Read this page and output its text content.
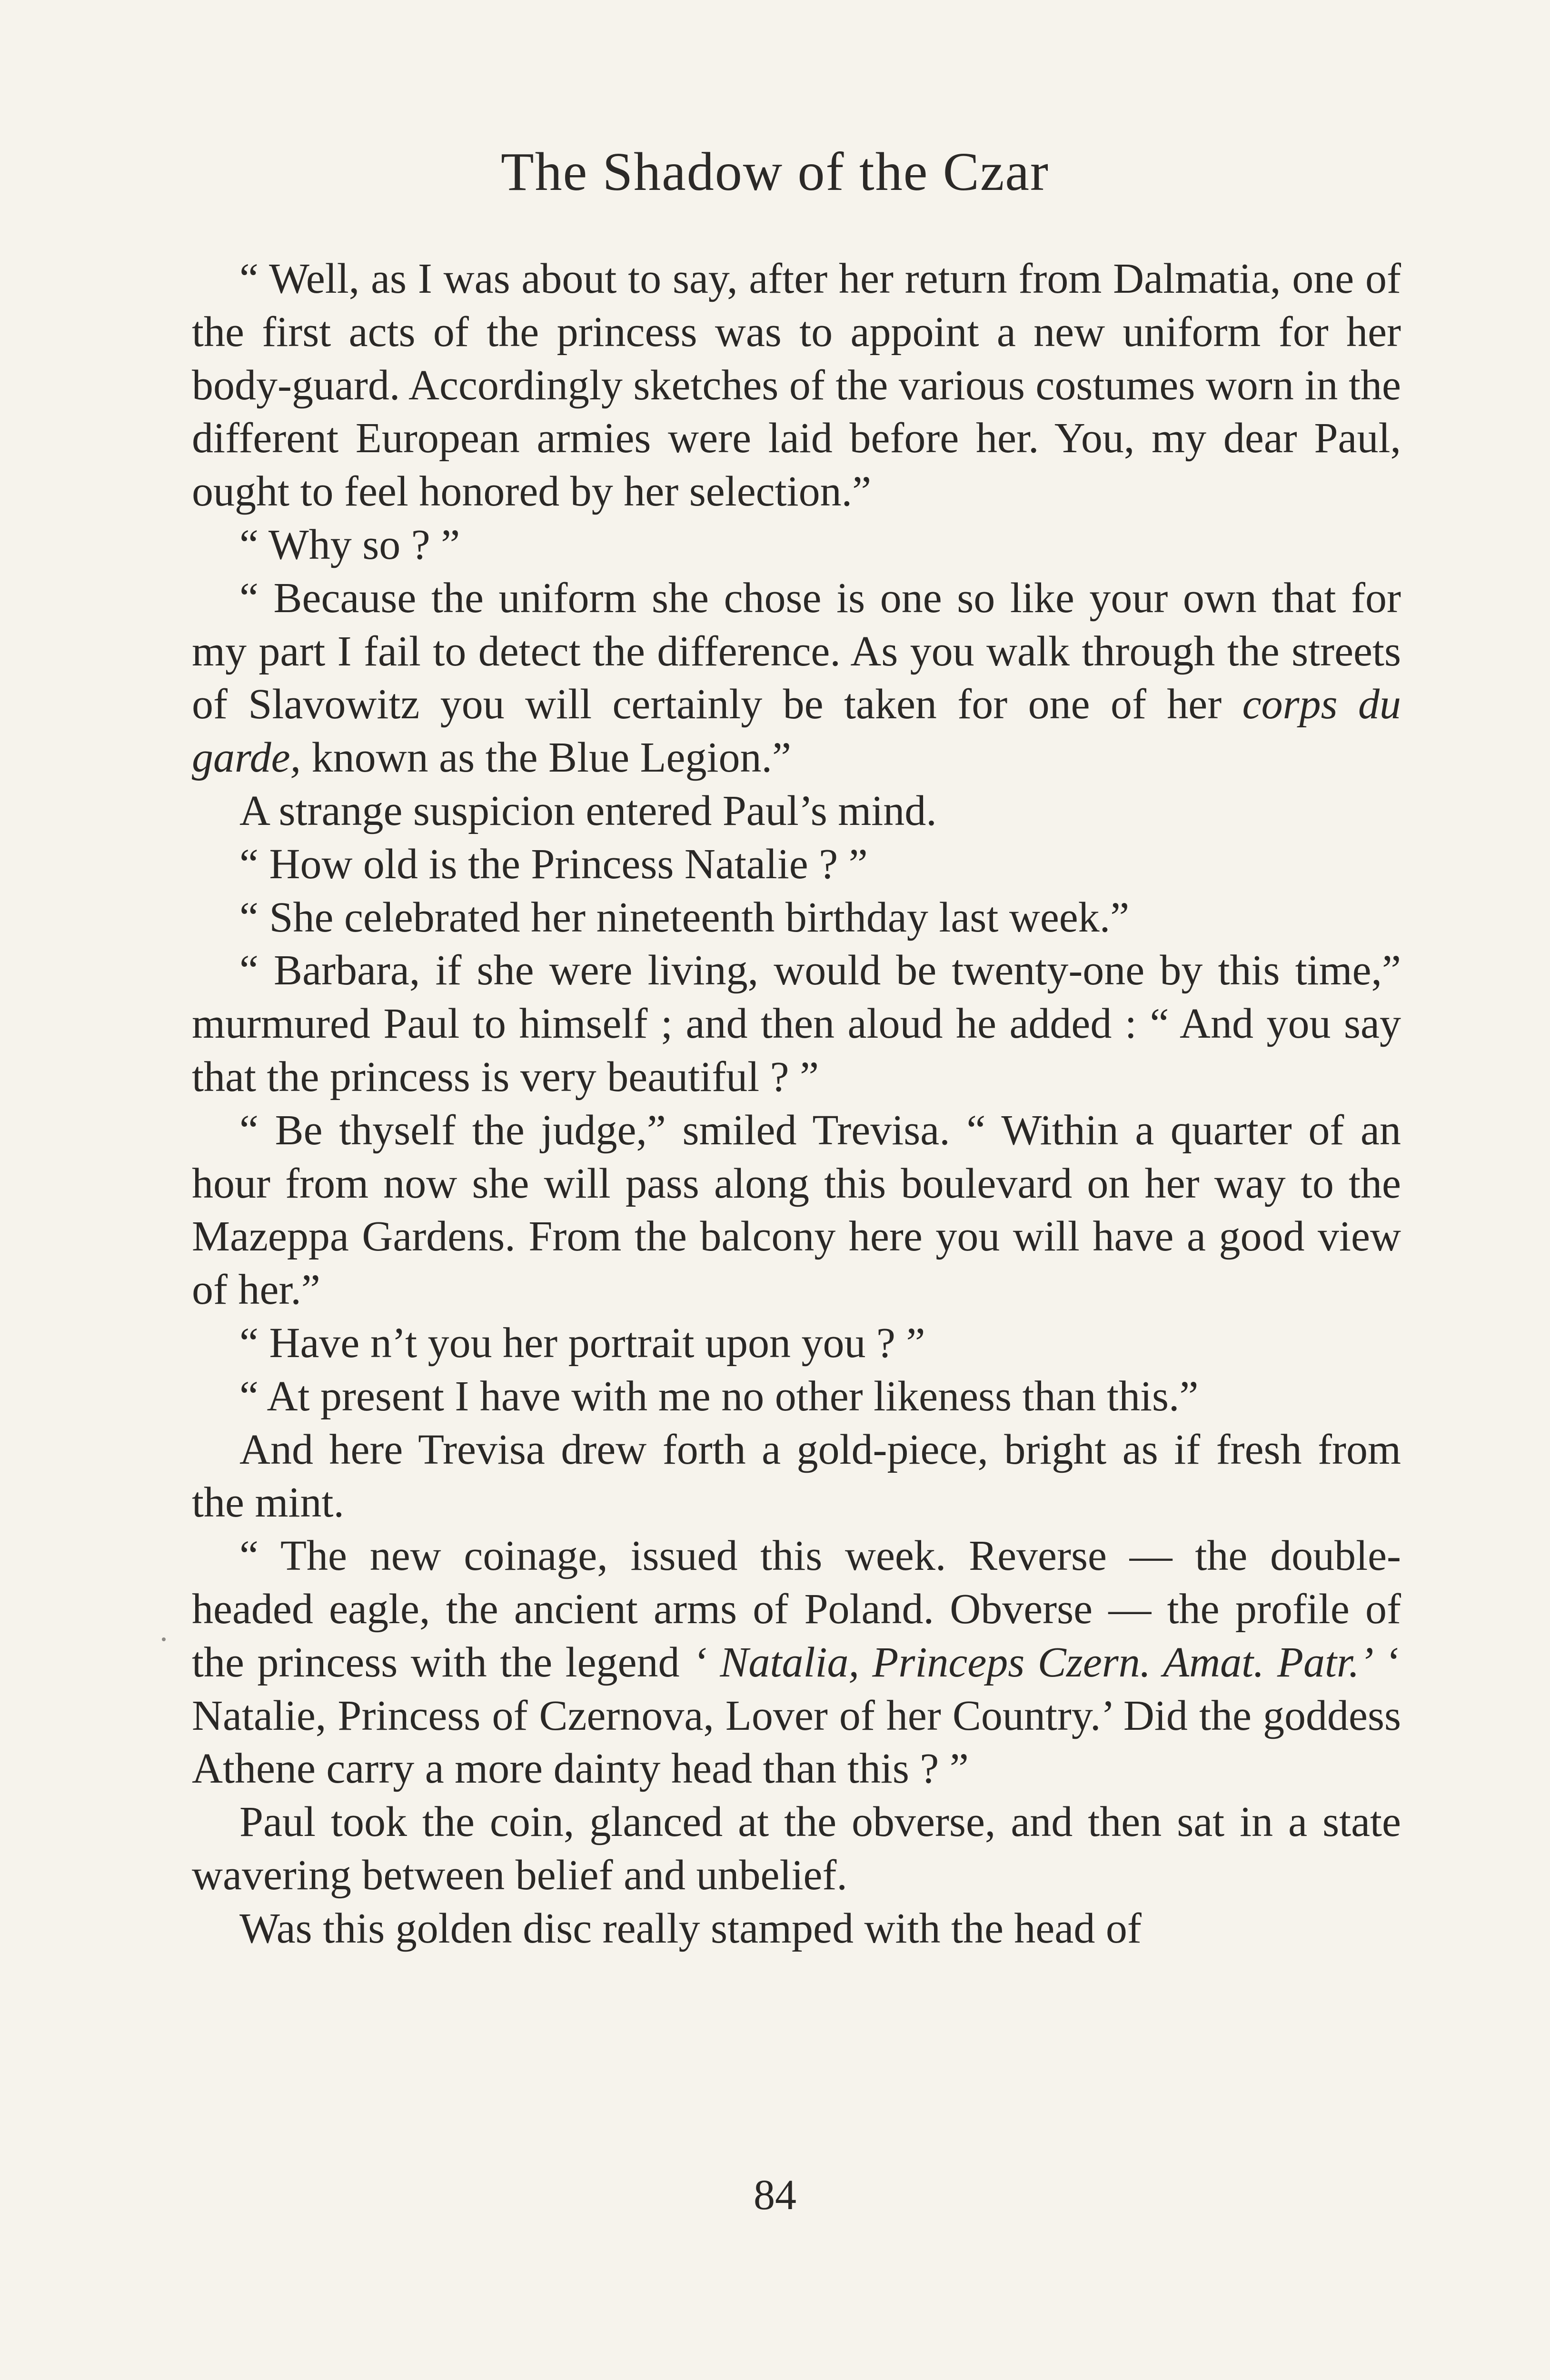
The Shadow of the Czar

“ Well, as I was about to say, after her return from Dalmatia, one of the first acts of the princess was to appoint a new uniform for her body-guard. Accordingly sketches of the various costumes worn in the different European armies were laid before her. You, my dear Paul, ought to feel honored by her selection.”

“ Why so ? ”

“ Because the uniform she chose is one so like your own that for my part I fail to detect the difference. As you walk through the streets of Slavowitz you will certainly be taken for one of her corps du garde, known as the Blue Legion.”

A strange suspicion entered Paul’s mind.

“ How old is the Princess Natalie ? ”

“ She celebrated her nineteenth birthday last week.”

“ Barbara, if she were living, would be twenty-one by this time,” murmured Paul to himself ; and then aloud he added : “ And you say that the princess is very beautiful ? ”

“ Be thyself the judge,” smiled Trevisa. “ Within a quarter of an hour from now she will pass along this boulevard on her way to the Mazeppa Gardens. From the balcony here you will have a good view of her.”

“ Have n’t you her portrait upon you ? ”

“ At present I have with me no other likeness than this.”

And here Trevisa drew forth a gold-piece, bright as if fresh from the mint.

“ The new coinage, issued this week. Reverse — the double-headed eagle, the ancient arms of Poland. Obverse — the profile of the princess with the legend ‘ Natalia, Princeps Czern. Amat. Patr.’ ‘ Natalie, Princess of Czernova, Lover of her Country.’ Did the goddess Athene carry a more dainty head than this ? ”

Paul took the coin, glanced at the obverse, and then sat in a state wavering between belief and unbelief.

Was this golden disc really stamped with the head of

84
